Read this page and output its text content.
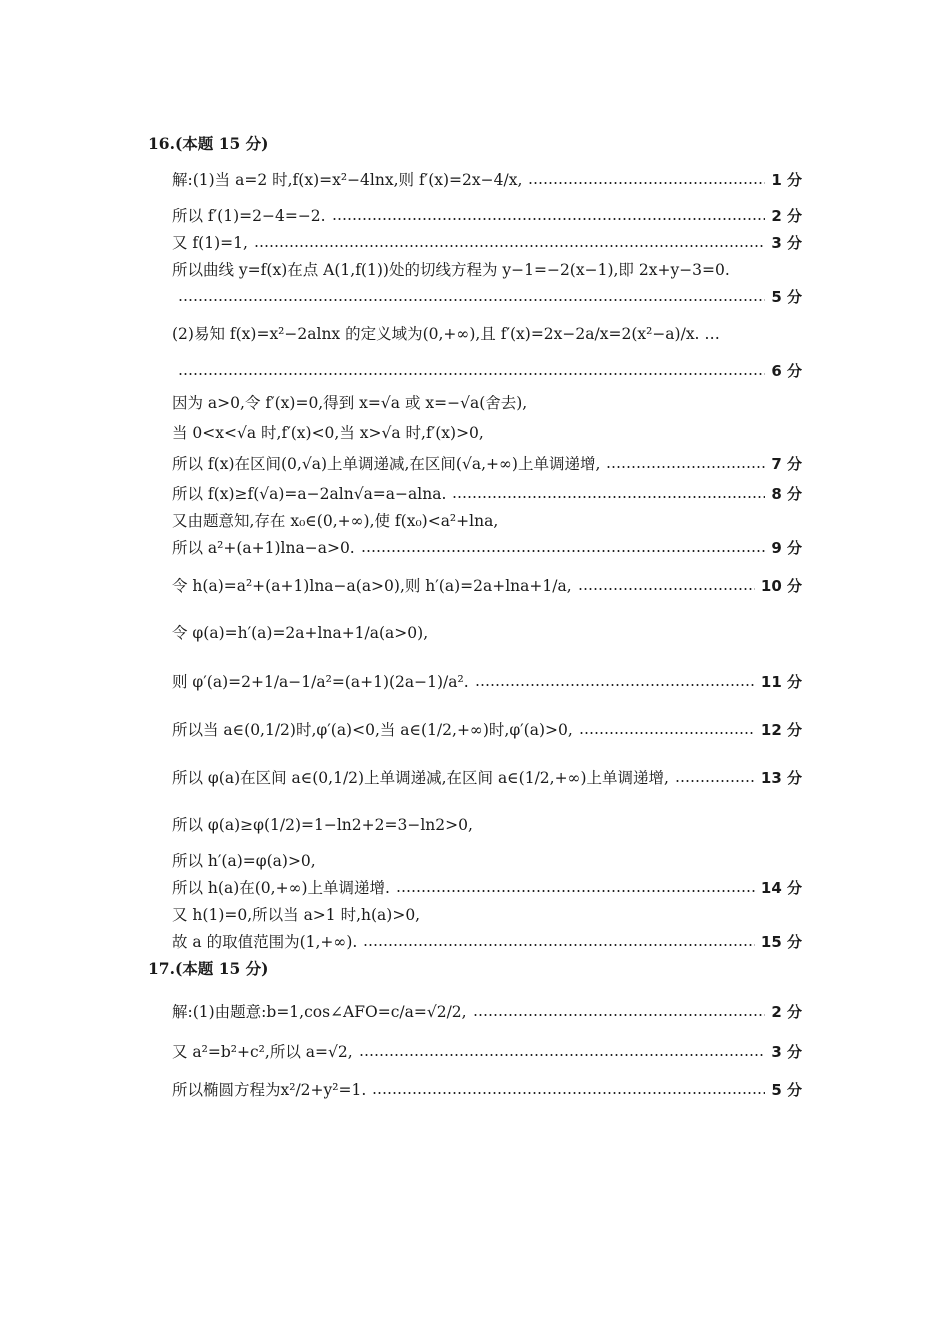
16.(本题 15 分)
解:(1)当 a=2 时,f(x)=x²−4lnx,则 f′(x)=2x−4/x,	1 分
所以 f′(1)=2−4=−2.	2 分
又 f(1)=1,	3 分
所以曲线 y=f(x)在点 A(1,f(1))处的切线方程为 y−1=−2(x−1),即 2x+y−3=0.
5 分
(2)易知 f(x)=x²−2alnx 的定义域为(0,+∞),且 f′(x)=2x−2a/x=2(x²−a)/x. …
6 分
因为 a>0,令 f′(x)=0,得到 x=√a 或 x=−√a(舍去),
当 0<x<√a 时,f′(x)<0,当 x>√a 时,f′(x)>0,
所以 f(x)在区间(0,√a)上单调递减,在区间(√a,+∞)上单调递增,	7 分
所以 f(x)≥f(√a)=a−2aln√a=a−alna.	8 分
又由题意知,存在 x₀∈(0,+∞),使 f(x₀)<a²+lna,
所以 a²+(a+1)lna−a>0.	9 分
令 h(a)=a²+(a+1)lna−a(a>0),则 h′(a)=2a+lna+1/a,	10 分
令 φ(a)=h′(a)=2a+lna+1/a(a>0),
则 φ′(a)=2+1/a−1/a²=(a+1)(2a−1)/a².	11 分
所以当 a∈(0,1/2)时,φ′(a)<0,当 a∈(1/2,+∞)时,φ′(a)>0,	12 分
所以 φ(a)在区间 a∈(0,1/2)上单调递减,在区间 a∈(1/2,+∞)上单调递增,	13 分
所以 φ(a)≥φ(1/2)=1−ln2+2=3−ln2>0,
所以 h′(a)=φ(a)>0,
所以 h(a)在(0,+∞)上单调递增.	14 分
又 h(1)=0,所以当 a>1 时,h(a)>0,
故 a 的取值范围为(1,+∞).	15 分
17.(本题 15 分)
解:(1)由题意:b=1,cos∠AFO=c/a=√2/2,	2 分
又 a²=b²+c²,所以 a=√2,	3 分
所以椭圆方程为x²/2+y²=1.	5 分
